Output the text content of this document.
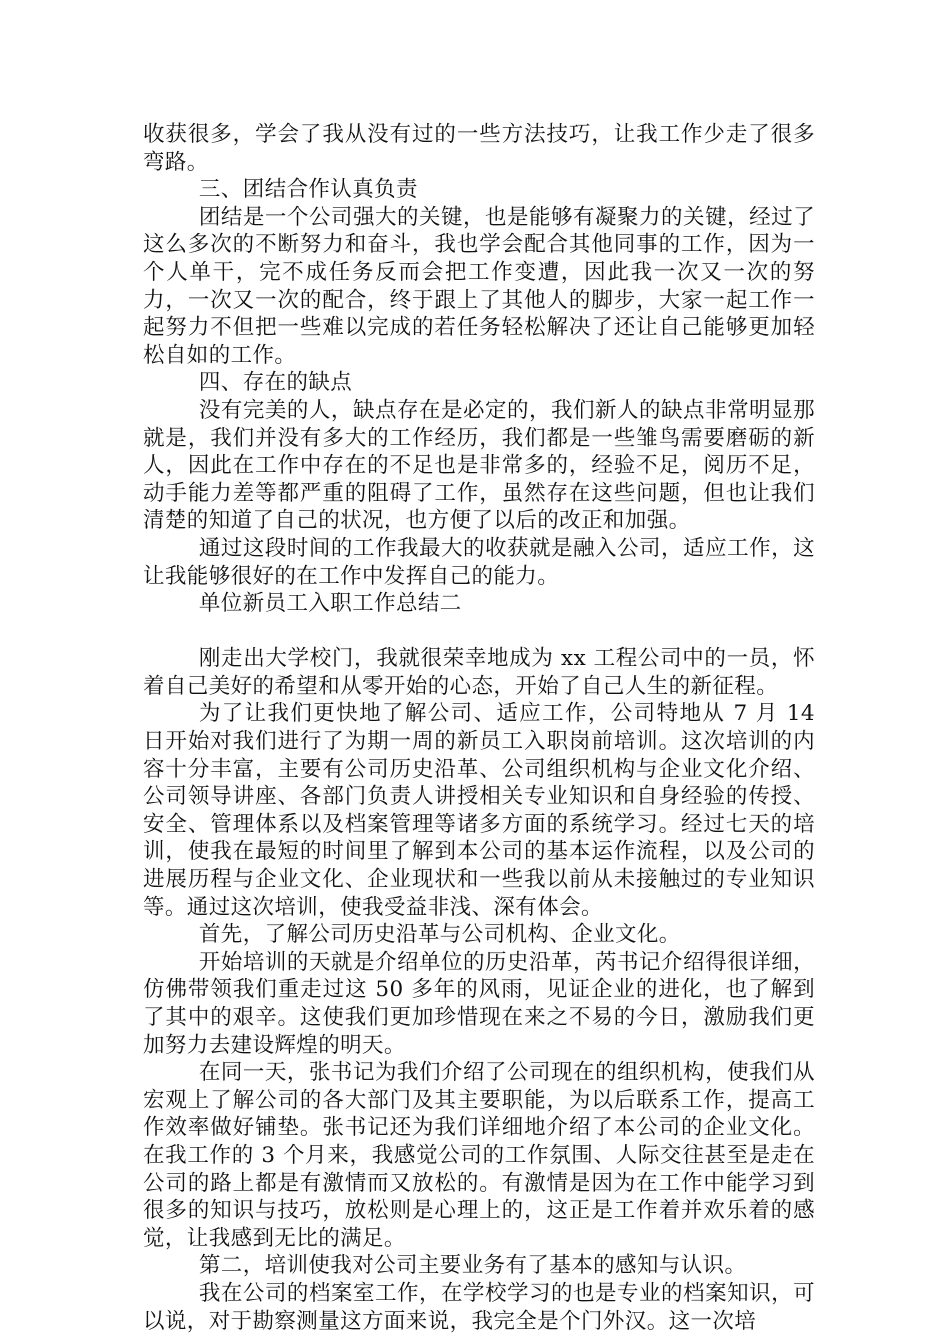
收获很多，学会了我从没有过的一些方法技巧，让我工作少走了很多弯路。

三、团结合作认真负责

团结是一个公司强大的关键，也是能够有凝聚力的关键，经过了这么多次的不断努力和奋斗，我也学会配合其他同事的工作，因为一个人单干，完不成任务反而会把工作变遭，因此我一次又一次的努力，一次又一次的配合，终于跟上了其他人的脚步，大家一起工作一起努力不但把一些难以完成的若任务轻松解决了还让自己能够更加轻松自如的工作。

四、存在的缺点

没有完美的人，缺点存在是必定的，我们新人的缺点非常明显那就是，我们并没有多大的工作经历，我们都是一些雏鸟需要磨砺的新人，因此在工作中存在的不足也是非常多的，经验不足，阅历不足，动手能力差等都严重的阻碍了工作，虽然存在这些问题，但也让我们清楚的知道了自己的状况，也方便了以后的改正和加强。

通过这段时间的工作我最大的收获就是融入公司，适应工作，这让我能够很好的在工作中发挥自己的能力。

单位新员工入职工作总结二

刚走出大学校门，我就很荣幸地成为 xx 工程公司中的一员，怀着自己美好的希望和从零开始的心态，开始了自己人生的新征程。

为了让我们更快地了解公司、适应工作，公司特地从 7 月 14 日开始对我们进行了为期一周的新员工入职岗前培训。这次培训的内容十分丰富，主要有公司历史沿革、公司组织机构与企业文化介绍、公司领导讲座、各部门负责人讲授相关专业知识和自身经验的传授、安全、管理体系以及档案管理等诸多方面的系统学习。经过七天的培训，使我在最短的时间里了解到本公司的基本运作流程，以及公司的进展历程与企业文化、企业现状和一些我以前从未接触过的专业知识等。通过这次培训，使我受益非浅、深有体会。

首先，了解公司历史沿革与公司机构、企业文化。

开始培训的天就是介绍单位的历史沿革，芮书记介绍得很详细，仿佛带领我们重走过这 50 多年的风雨，见证企业的进化，也了解到了其中的艰辛。这使我们更加珍惜现在来之不易的今日，激励我们更加努力去建设辉煌的明天。

在同一天，张书记为我们介绍了公司现在的组织机构，使我们从宏观上了解公司的各大部门及其主要职能，为以后联系工作，提高工作效率做好铺垫。张书记还为我们详细地介绍了本公司的企业文化。在我工作的 3 个月来，我感觉公司的工作氛围、人际交往甚至是走在公司的路上都是有激情而又放松的。有激情是因为在工作中能学习到很多的知识与技巧，放松则是心理上的，这正是工作着并欢乐着的感觉，让我感到无比的满足。

第二，培训使我对公司主要业务有了基本的感知与认识。

我在公司的档案室工作，在学校学习的也是专业的档案知识，可以说，对于勘察测量这方面来说，我完全是个门外汉。这一次培
